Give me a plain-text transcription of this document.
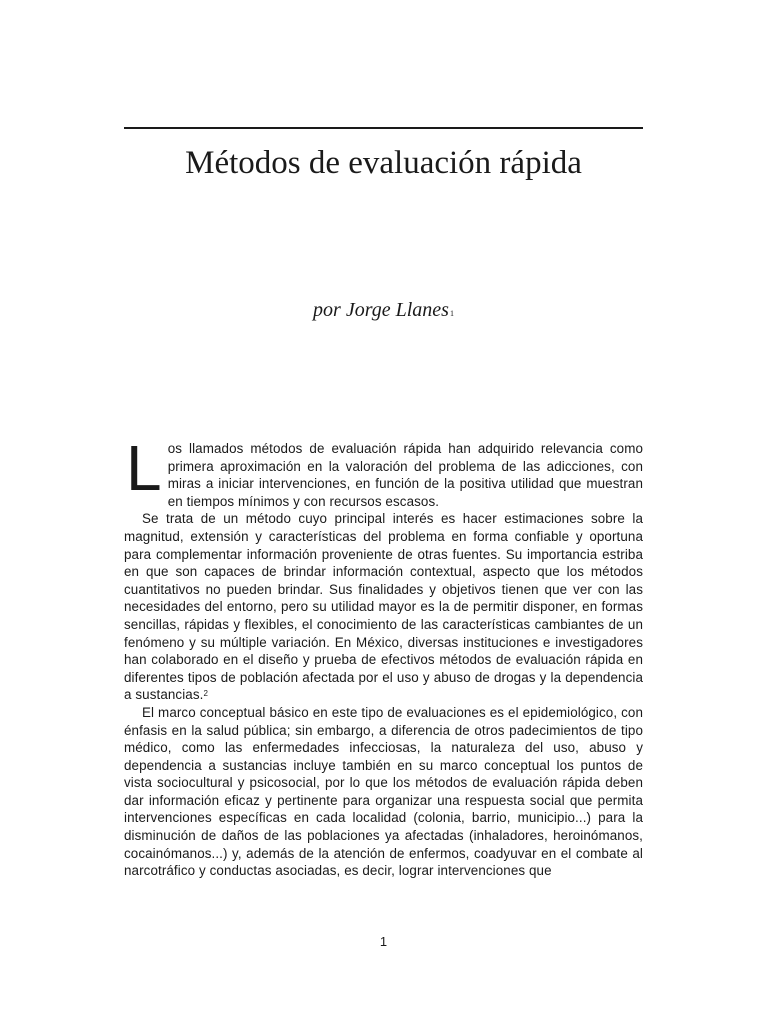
Métodos de evaluación rápida
por Jorge Llanes$^1$

Los llamados métodos de evaluación rápida han adquirido relevancia como primera aproximación en la valoración del problema de las adicciones, con miras a iniciar intervenciones, en función de la positiva utilidad que muestran en tiempos mínimos y con recursos escasos.

Se trata de un método cuyo principal interés es hacer estimaciones sobre la magnitud, extensión y características del problema en forma confiable y oportuna para complementar información proveniente de otras fuentes. Su importancia estriba en que son capaces de brindar información contextual, aspecto que los métodos cuantitativos no pueden brindar. Sus finalidades y objetivos tienen que ver con las necesidades del entorno, pero su utilidad mayor es la de permitir disponer, en formas sencillas, rápidas y flexibles, el conocimiento de las características cambiantes de un fenómeno y su múltiple variación. En México, diversas instituciones e investigadores han colaborado en el diseño y prueba de efectivos métodos de evaluación rápida en diferentes tipos de población afectada por el uso y abuso de drogas y la dependencia a sustancias.$^2$

El marco conceptual básico en este tipo de evaluaciones es el epidemiológico, con énfasis en la salud pública; sin embargo, a diferencia de otros padecimientos de tipo médico, como las enfermedades infecciosas, la naturaleza del uso, abuso y dependencia a sustancias incluye también en su marco conceptual los puntos de vista sociocultural y psicosocial, por lo que los métodos de evaluación rápida deben dar información eficaz y pertinente para organizar una respuesta social que permita intervenciones específicas en cada localidad (colonia, barrio, municipio...) para la disminución de daños de las poblaciones ya afectadas (inhaladores, heroinómanos, cocainómanos...) y, además de la atención de enfermos, coadyuvar en el combate al narcotráfico y conductas asociadas, es decir, lograr intervenciones que

1
